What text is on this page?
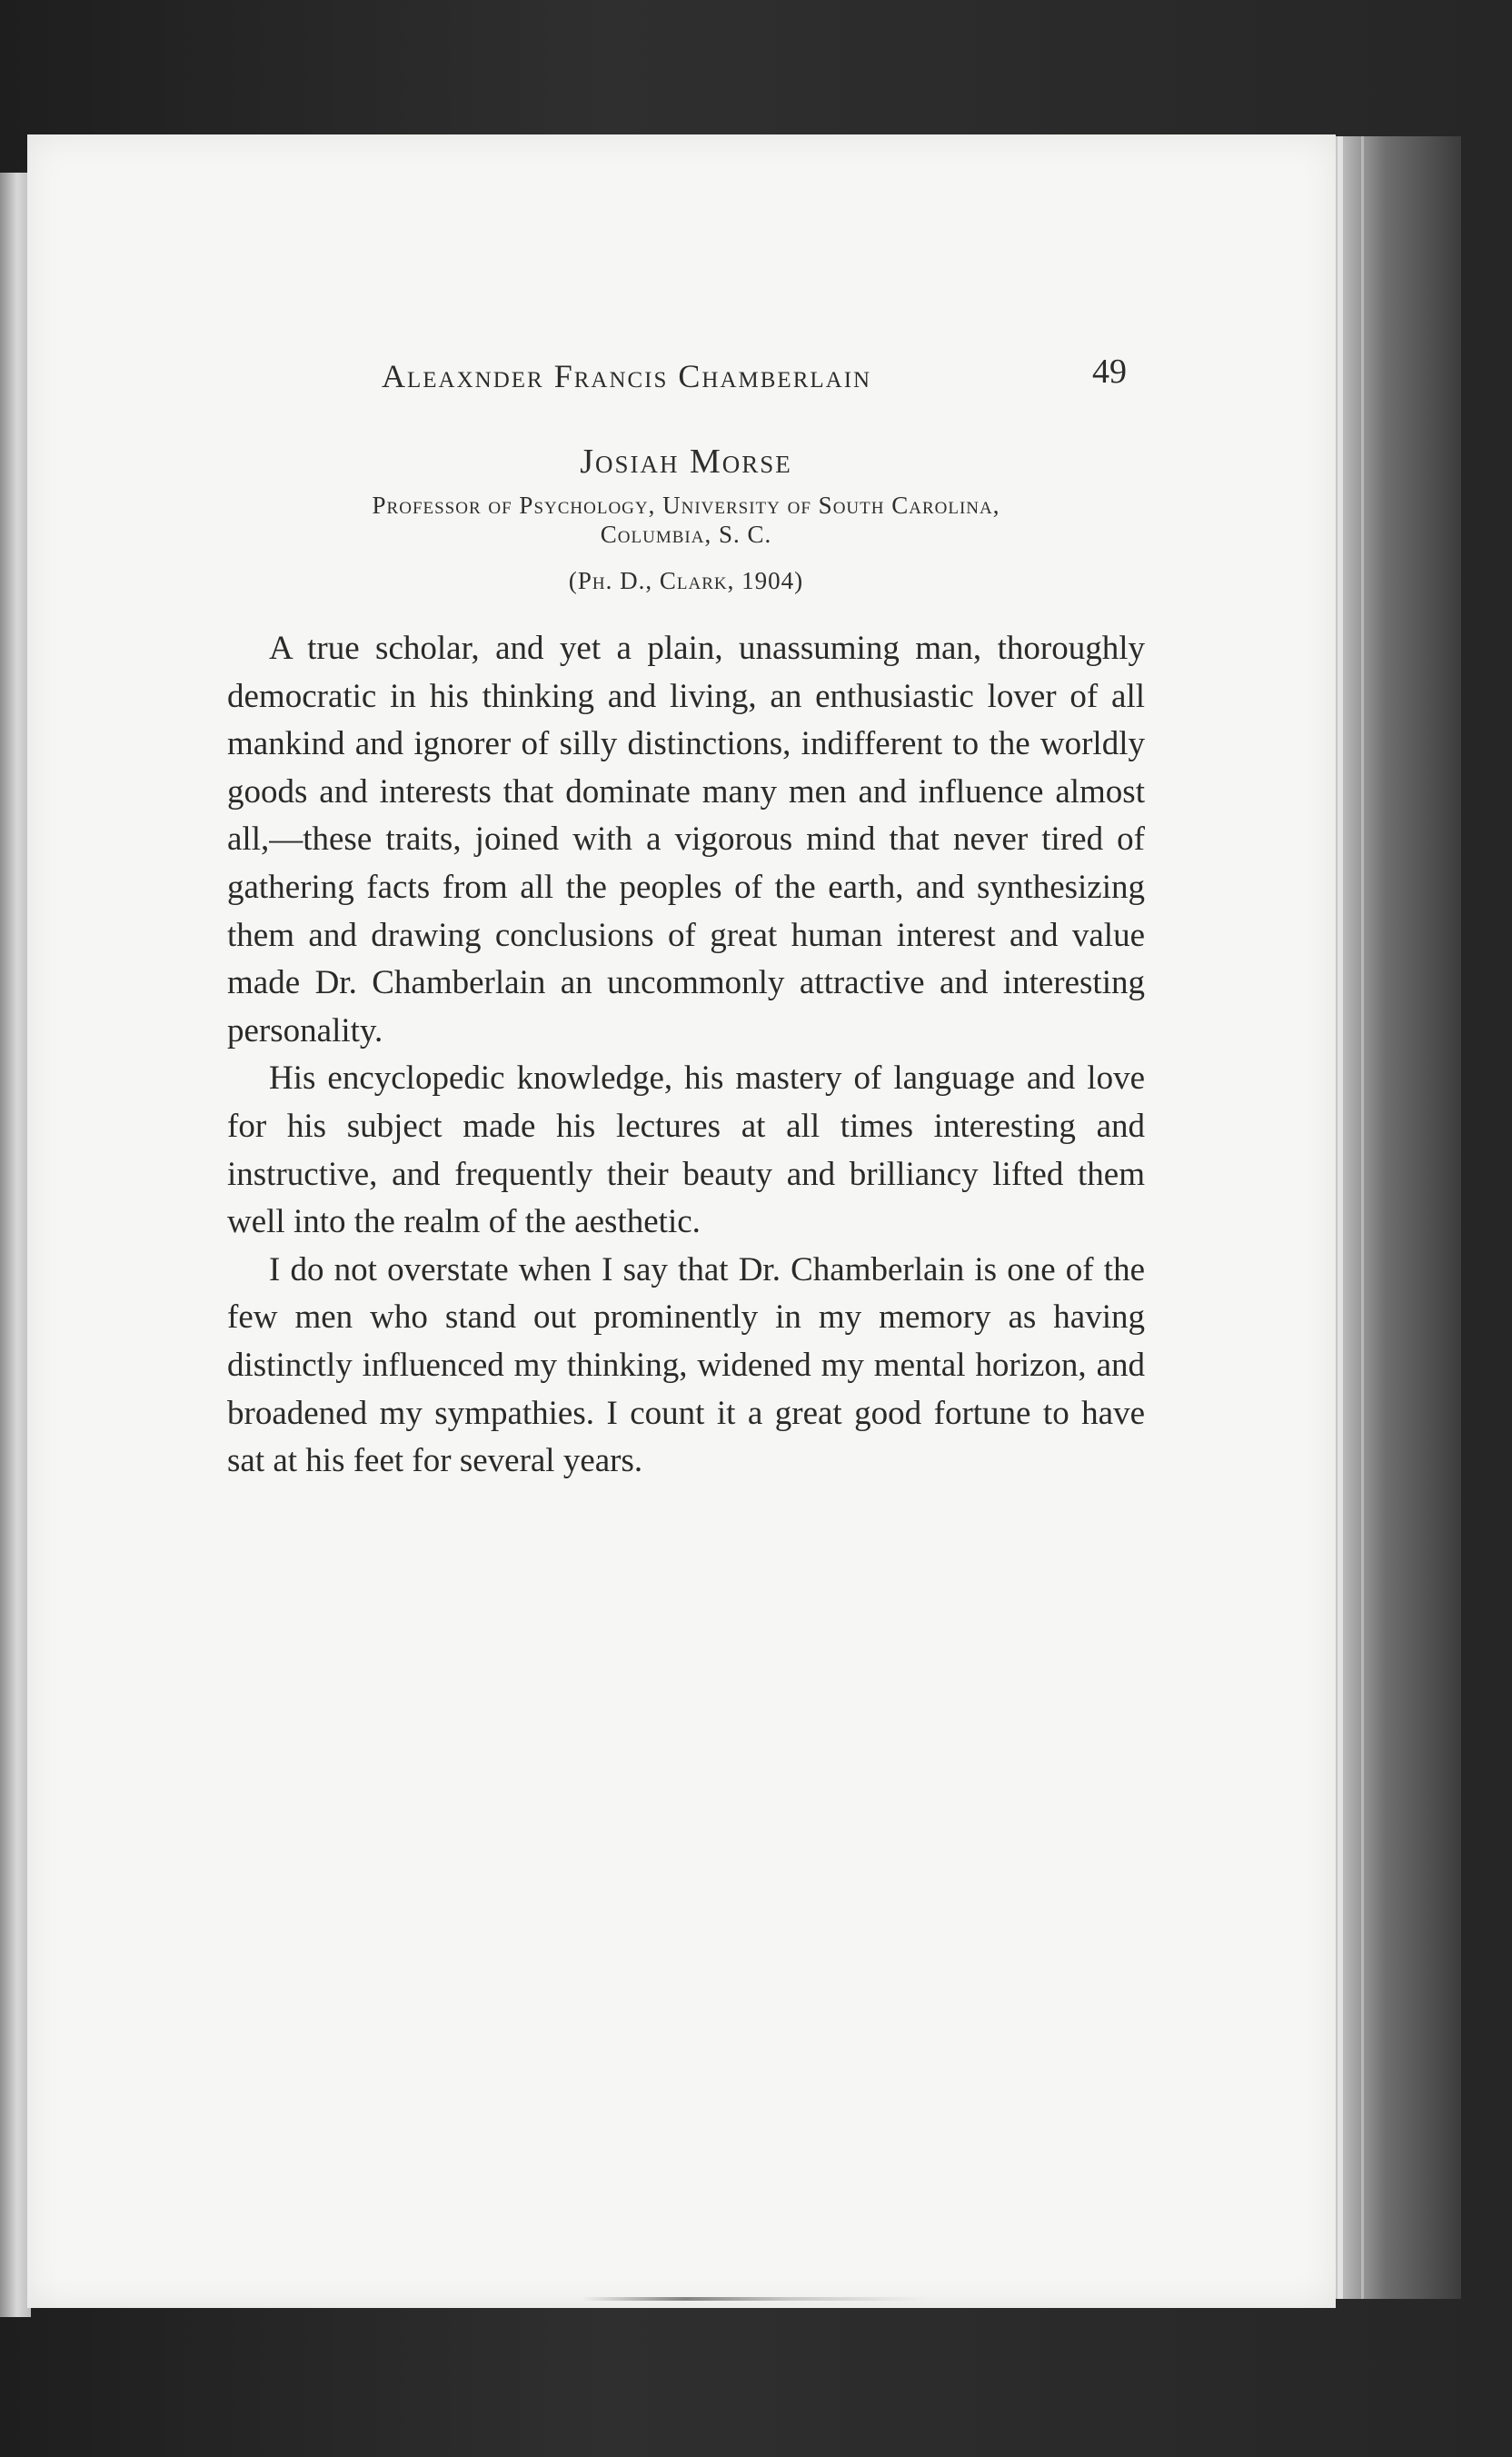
Aleaxnder Francis Chamberlain	49

Josiah Morse

Professor of Psychology, University of South Carolina,
Columbia, S. C.

(Ph. D., Clark, 1904)

A true scholar, and yet a plain, unassuming man, thoroughly democratic in his thinking and living, an enthusiastic lover of all mankind and ignorer of silly distinctions, indifferent to the worldly goods and interests that dominate many men and influence almost all,—these traits, joined with a vigorous mind that never tired of gathering facts from all the peoples of the earth, and synthesizing them and drawing conclusions of great human interest and value made Dr. Chamberlain an uncommonly attractive and interesting personality.

His encyclopedic knowledge, his mastery of language and love for his subject made his lectures at all times interesting and instructive, and frequently their beauty and brilliancy lifted them well into the realm of the aesthetic.

I do not overstate when I say that Dr. Chamberlain is one of the few men who stand out prominently in my memory as having distinctly influenced my thinking, widened my mental horizon, and broadened my sympathies. I count it a great good fortune to have sat at his feet for several years.
